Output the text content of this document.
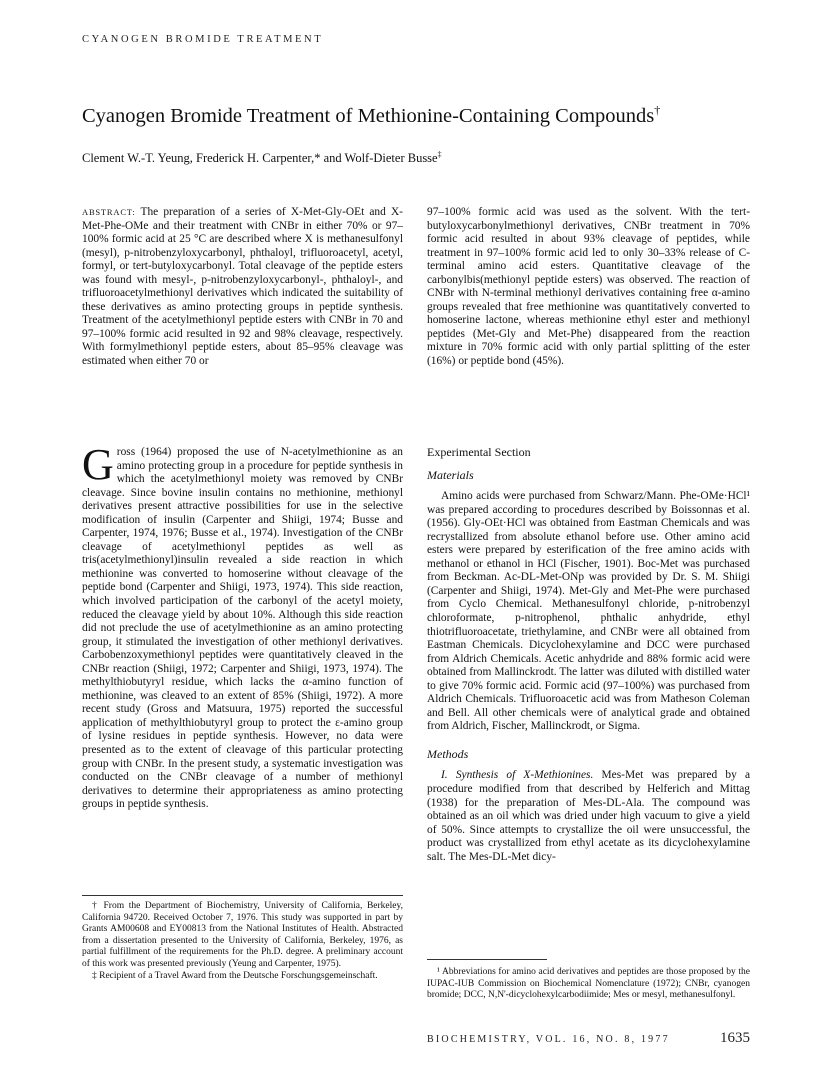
CYANOGEN BROMIDE TREATMENT
Cyanogen Bromide Treatment of Methionine-Containing Compounds†
Clement W.-T. Yeung, Frederick H. Carpenter,* and Wolf-Dieter Busse‡

ABSTRACT: The preparation of a series of X-Met-Gly-OEt and X-Met-Phe-OMe and their treatment with CNBr in either 70% or 97–100% formic acid at 25 °C are described where X is methanesulfonyl (mesyl), p-nitrobenzyloxycarbonyl, phthaloyl, trifluoroacetyl, acetyl, formyl, or tert-butyloxycarbonyl. Total cleavage of the peptide esters was found with mesyl-, p-nitrobenzyloxycarbonyl-, phthaloyl-, and trifluoroacetylmethionyl derivatives which indicated the suitability of these derivatives as amino protecting groups in peptide synthesis. Treatment of the acetylmethionyl peptide esters with CNBr in 70 and 97–100% formic acid resulted in 92 and 98% cleavage, respectively. With formylmethionyl peptide esters, about 85–95% cleavage was estimated when either 70 or

97–100% formic acid was used as the solvent. With the tert-butyloxycarbonylmethionyl derivatives, CNBr treatment in 70% formic acid resulted in about 93% cleavage of peptides, while treatment in 97–100% formic acid led to only 30–33% release of C-terminal amino acid esters. Quantitative cleavage of the carbonylbis(methionyl peptide esters) was observed. The reaction of CNBr with N-terminal methionyl derivatives containing free α-amino groups revealed that free methionine was quantitatively converted to homoserine lactone, whereas methionine ethyl ester and methionyl peptides (Met-Gly and Met-Phe) disappeared from the reaction mixture in 70% formic acid with only partial splitting of the ester (16%) or peptide bond (45%).

Gross (1964) proposed the use of N-acetylmethionine as an amino protecting group in a procedure for peptide synthesis in which the acetylmethionyl moiety was removed by CNBr cleavage. Since bovine insulin contains no methionine, methionyl derivatives present attractive possibilities for use in the selective modification of insulin (Carpenter and Shiigi, 1974; Busse and Carpenter, 1974, 1976; Busse et al., 1974). Investigation of the CNBr cleavage of acetylmethionyl peptides as well as tris(acetylmethionyl)insulin revealed a side reaction in which methionine was converted to homoserine without cleavage of the peptide bond (Carpenter and Shiigi, 1973, 1974). This side reaction, which involved participation of the carbonyl of the acetyl moiety, reduced the cleavage yield by about 10%. Although this side reaction did not preclude the use of acetylmethionine as an amino protecting group, it stimulated the investigation of other methionyl derivatives. Carbobenzoxymethionyl peptides were quantitatively cleaved in the CNBr reaction (Shiigi, 1972; Carpenter and Shiigi, 1973, 1974). The methylthiobutyryl residue, which lacks the α-amino function of methionine, was cleaved to an extent of 85% (Shiigi, 1972). A more recent study (Gross and Matsuura, 1975) reported the successful application of methylthiobutyryl group to protect the ε-amino group of lysine residues in peptide synthesis. However, no data were presented as to the extent of cleavage of this particular protecting group with CNBr. In the present study, a systematic investigation was conducted on the CNBr cleavage of a number of methionyl derivatives to determine their appropriateness as amino protecting groups in peptide synthesis.

Experimental Section

Materials

Amino acids were purchased from Schwarz/Mann. Phe-OMe·HCl¹ was prepared according to procedures described by Boissonnas et al. (1956). Gly-OEt·HCl was obtained from Eastman Chemicals and was recrystallized from absolute ethanol before use. Other amino acid esters were prepared by esterification of the free amino acids with methanol or ethanol in HCl (Fischer, 1901). Boc-Met was purchased from Beckman. Ac-DL-Met-ONp was provided by Dr. S. M. Shiigi (Carpenter and Shiigi, 1974). Met-Gly and Met-Phe were purchased from Cyclo Chemical. Methanesulfonyl chloride, p-nitrobenzyl chloroformate, p-nitrophenol, phthalic anhydride, ethyl thiotrifluoroacetate, triethylamine, and CNBr were all obtained from Eastman Chemicals. Dicyclohexylamine and DCC were purchased from Aldrich Chemicals. Acetic anhydride and 88% formic acid were obtained from Mallinckrodt. The latter was diluted with distilled water to give 70% formic acid. Formic acid (97–100%) was purchased from Aldrich Chemicals. Trifluoroacetic acid was from Matheson Coleman and Bell. All other chemicals were of analytical grade and obtained from Aldrich, Fischer, Mallinckrodt, or Sigma.

Methods

I. Synthesis of X-Methionines. Mes-Met was prepared by a procedure modified from that described by Helferich and Mittag (1938) for the preparation of Mes-DL-Ala. The compound was obtained as an oil which was dried under high vacuum to give a yield of 50%. Since attempts to crystallize the oil were unsuccessful, the product was crystallized from ethyl acetate as its dicyclohexylamine salt. The Mes-DL-Met dicy-

† From the Department of Biochemistry, University of California, Berkeley, California 94720. Received October 7, 1976. This study was supported in part by Grants AM00608 and EY00813 from the National Institutes of Health. Abstracted from a dissertation presented to the University of California, Berkeley, 1976, as partial fulfillment of the requirements for the Ph.D. degree. A preliminary account of this work was presented previously (Yeung and Carpenter, 1975).

‡ Recipient of a Travel Award from the Deutsche Forschungsgemeinschaft.	¹ Abbreviations for amino acid derivatives and peptides are those proposed by the IUPAC-IUB Commission on Biochemical Nomenclature (1972); CNBr, cyanogen bromide; DCC, N,N'-dicyclohexylcarbodiimide; Mes or mesyl, methanesulfonyl.

BIOCHEMISTRY, VOL. 16, NO. 8, 1977	1635
